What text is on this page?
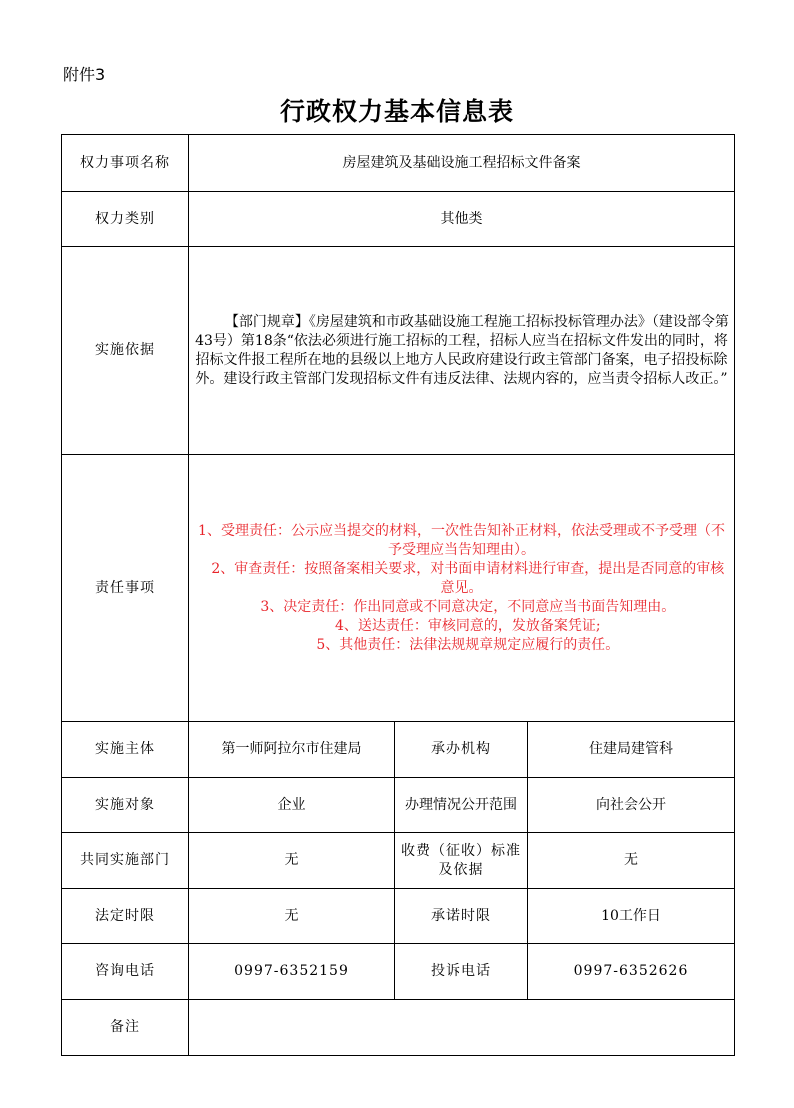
附件3
行政权力基本信息表
权力事项名称	房屋建筑及基础设施工程招标文件备案		
权力类别	其他类		
实施依据	【部门规章】《房屋建筑和市政基础设施工程施工招标投标管理办法》（建设部令第43号）第18条“依法必须进行施工招标的工程，招标人应当在招标文件发出的同时，将招标文件报工程所在地的县级以上地方人民政府建设行政主管部门备案，电子招投标除外。建设行政主管部门发现招标文件有违反法律、法规内容的，应当责令招标人改正。”		
责任事项	1、受理责任：公示应当提交的材料，一次性告知补正材料，依法受理或不予受理（不予受理应当告知理由）。

2、审查责任：按照备案相关要求，对书面申请材料进行审查，提出是否同意的审核意见。

3、决定责任：作出同意或不同意决定，不同意应当书面告知理由。

4、送达责任：审核同意的，发放备案凭证;

5、其他责任：法律法规规章规定应履行的责任。		

实施主体	第一师阿拉尔市住建局	承办机构	住建局建管科
实施对象	企业	办理情况公开范围	向社会公开
共同实施部门	无	收费（征收）标准及依据	无
法定时限	无	承诺时限	10工作日
咨询电话	0997-6352159	投诉电话	0997-6352626
备注			
